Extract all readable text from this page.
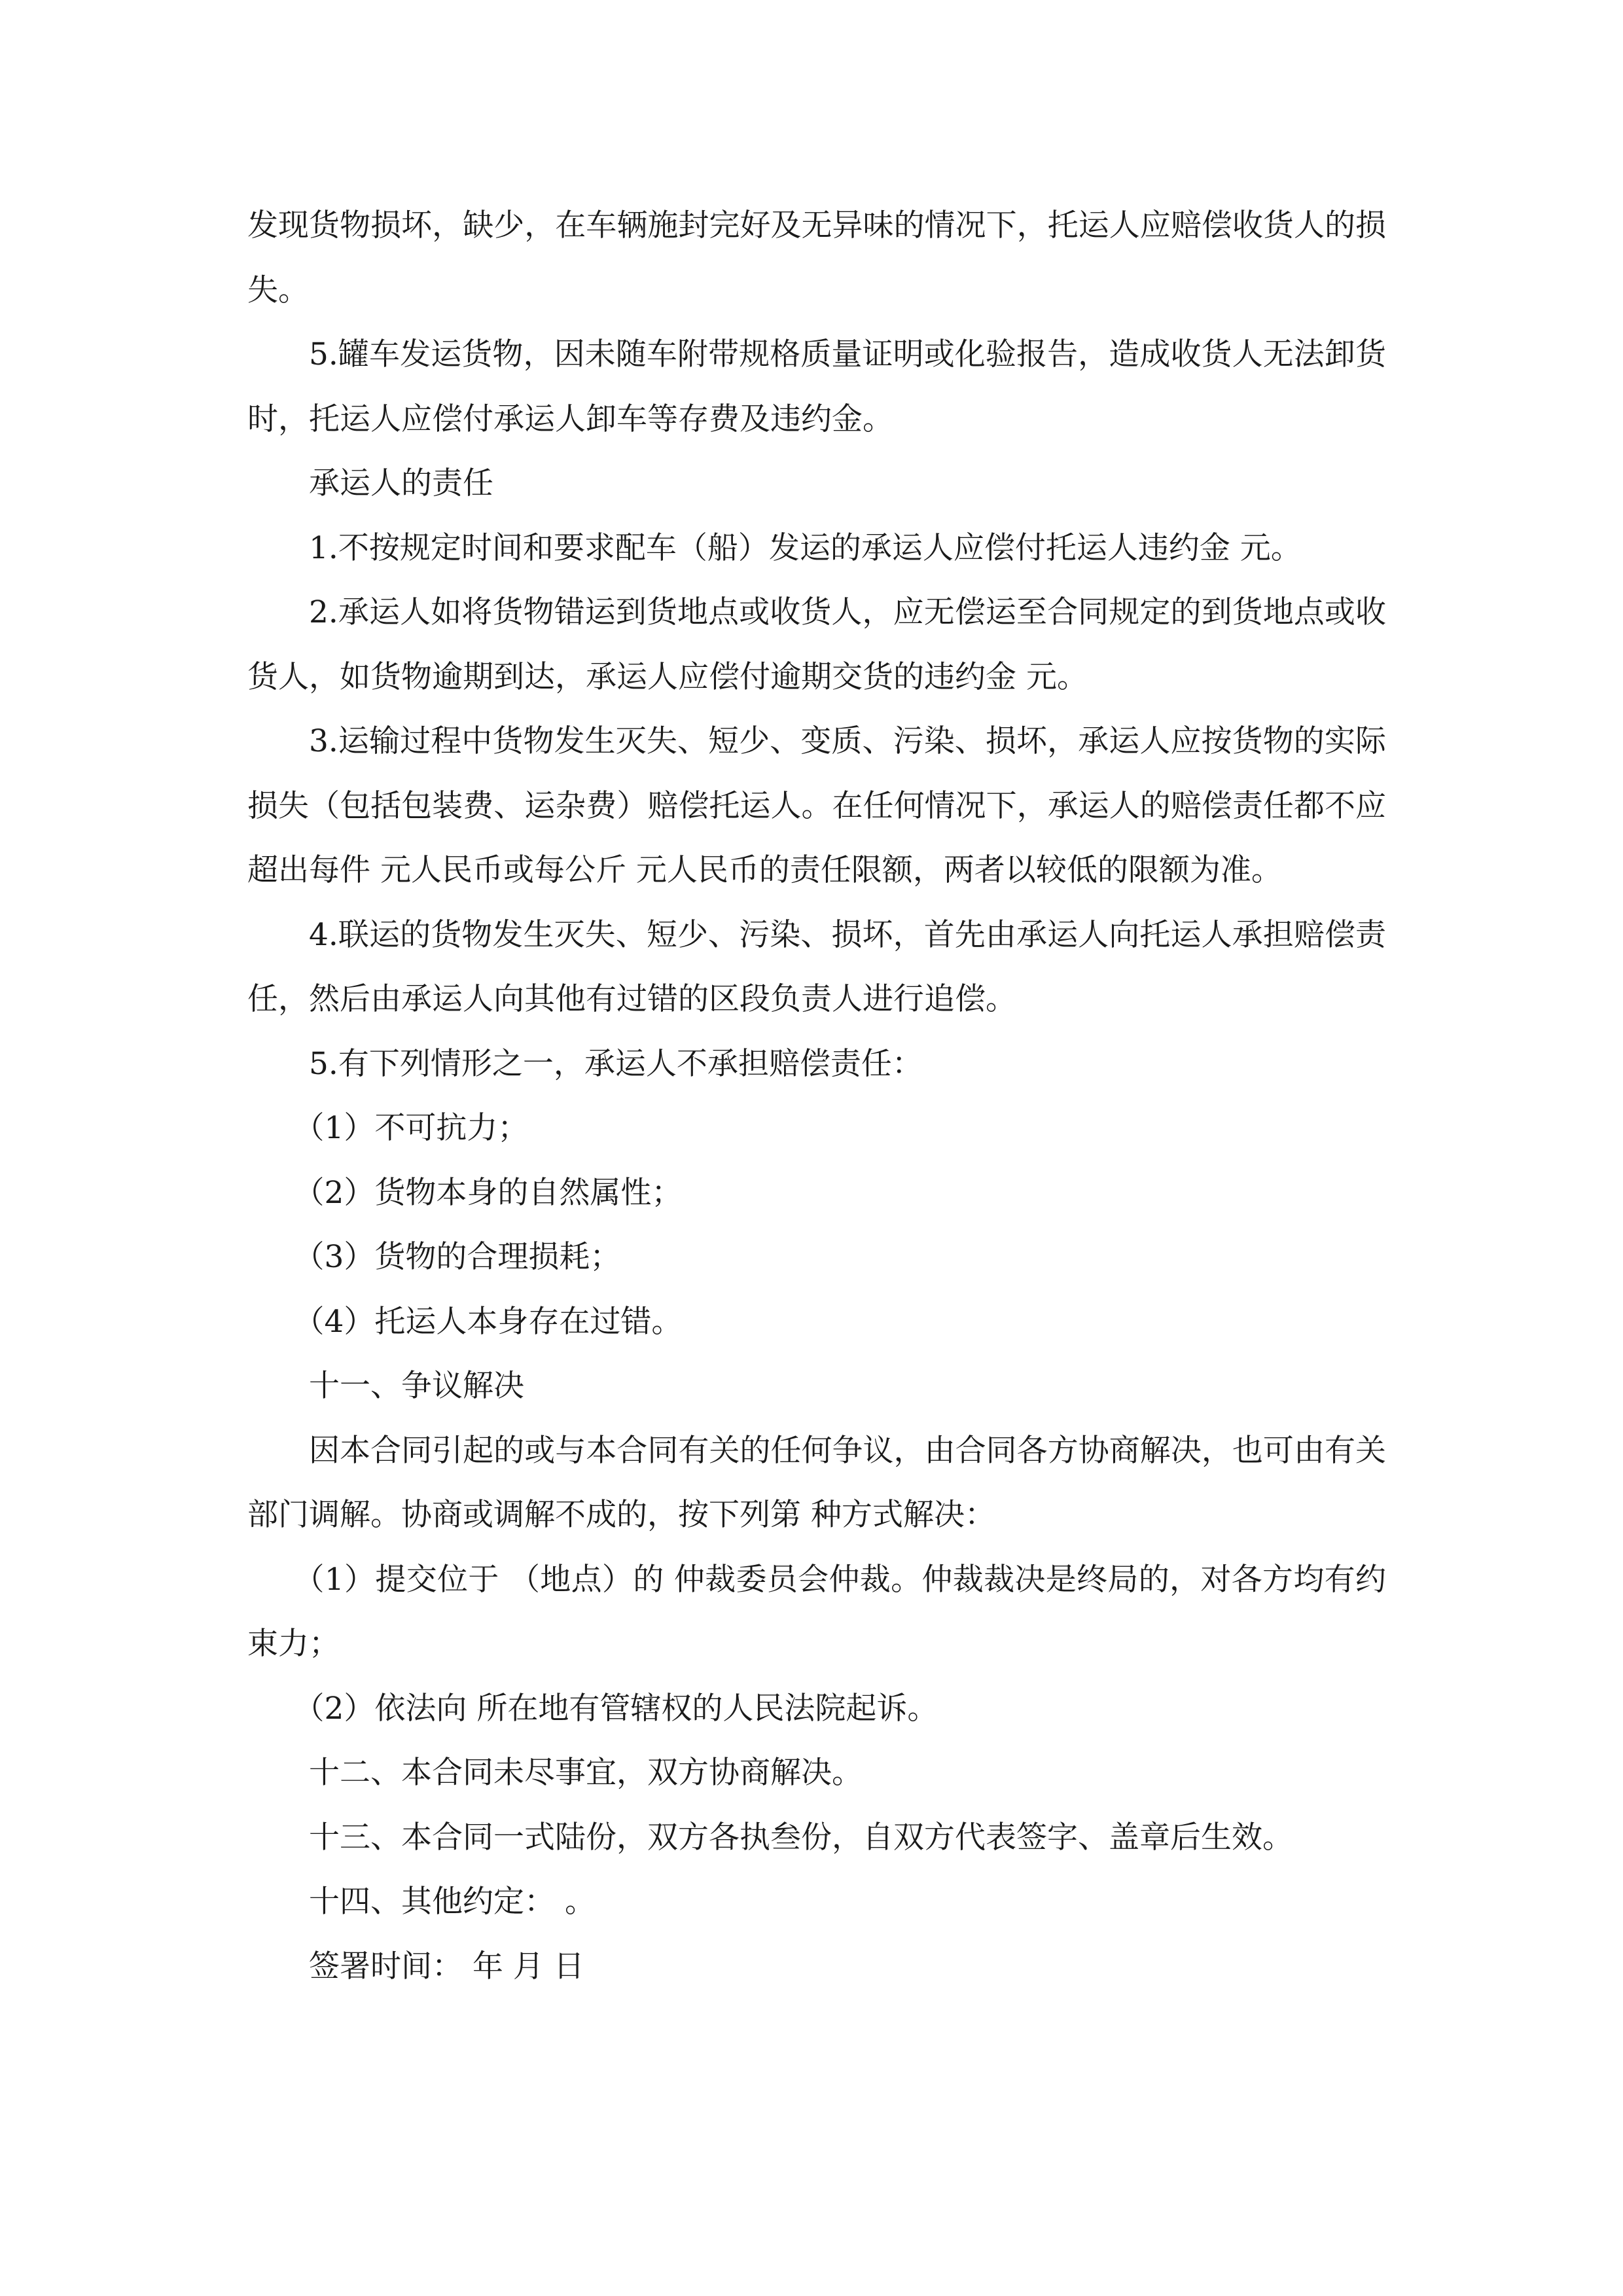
发现货物损坏，缺少，在车辆施封完好及无异味的情况下，托运人应赔偿收货人的损失。

5.罐车发运货物，因未随车附带规格质量证明或化验报告，造成收货人无法卸货时，托运人应偿付承运人卸车等存费及违约金。

承运人的责任

1.不按规定时间和要求配车（船）发运的承运人应偿付托运人违约金 元。

2.承运人如将货物错运到货地点或收货人，应无偿运至合同规定的到货地点或收货人，如货物逾期到达，承运人应偿付逾期交货的违约金 元。

3.运输过程中货物发生灭失、短少、变质、污染、损坏，承运人应按货物的实际损失（包括包装费、运杂费）赔偿托运人。在任何情况下，承运人的赔偿责任都不应超出每件 元人民币或每公斤 元人民币的责任限额，两者以较低的限额为准。

4.联运的货物发生灭失、短少、污染、损坏，首先由承运人向托运人承担赔偿责任，然后由承运人向其他有过错的区段负责人进行追偿。

5.有下列情形之一，承运人不承担赔偿责任：

（1）不可抗力；

（2）货物本身的自然属性；

（3）货物的合理损耗；

（4）托运人本身存在过错。

十一、争议解决

因本合同引起的或与本合同有关的任何争议，由合同各方协商解决，也可由有关部门调解。协商或调解不成的，按下列第 种方式解决：

（1）提交位于 （地点）的 仲裁委员会仲裁。仲裁裁决是终局的，对各方均有约束力；

（2）依法向 所在地有管辖权的人民法院起诉。

十二、本合同未尽事宜，双方协商解决。

十三、本合同一式陆份，双方各执叁份，自双方代表签字、盖章后生效。

十四、其他约定： 。

签署时间： 年 月 日
